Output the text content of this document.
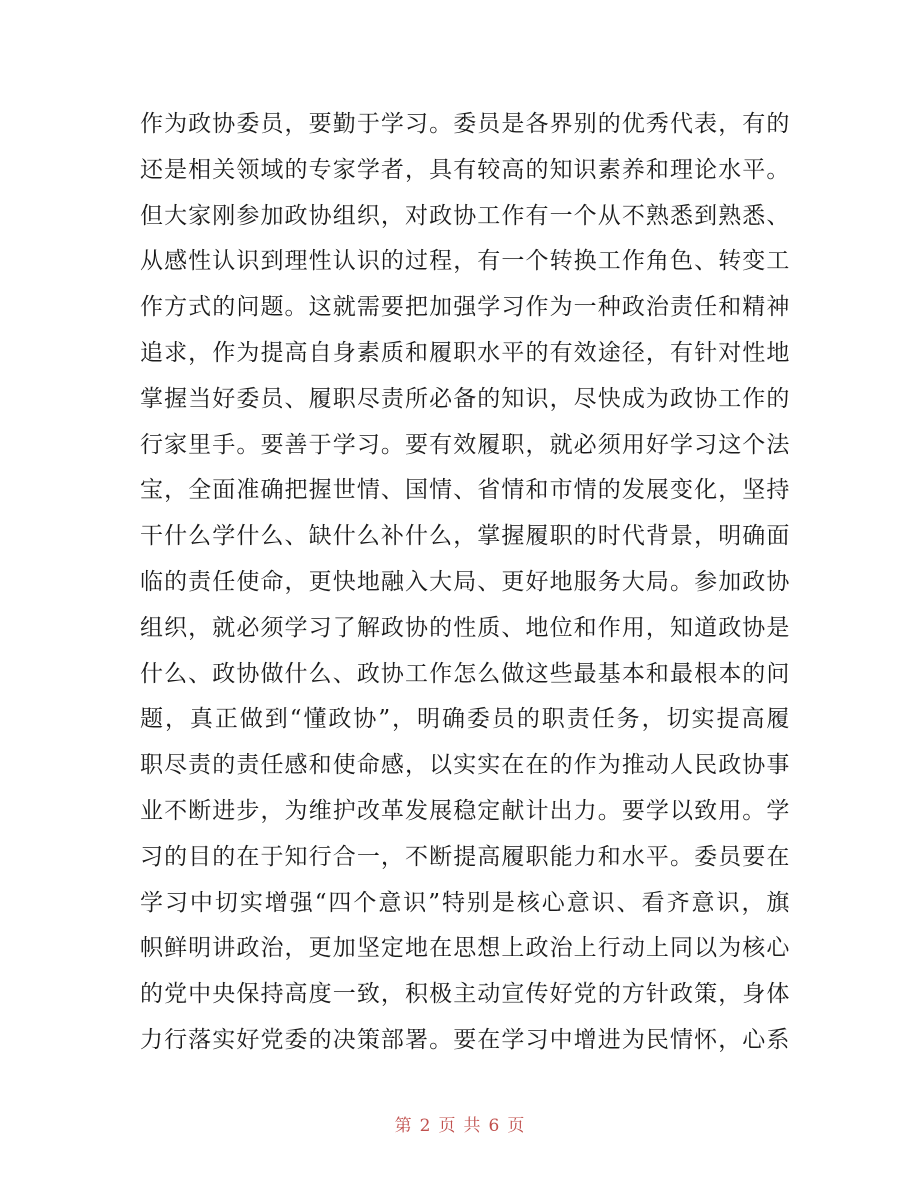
作为政协委员，要勤于学习。委员是各界别的优秀代表，有的
还是相关领域的专家学者，具有较高的知识素养和理论水平。
但大家刚参加政协组织，对政协工作有一个从不熟悉到熟悉、
从感性认识到理性认识的过程，有一个转换工作角色、转变工
作方式的问题。这就需要把加强学习作为一种政治责任和精神
追求，作为提高自身素质和履职水平的有效途径，有针对性地
掌握当好委员、履职尽责所必备的知识，尽快成为政协工作的
行家里手。要善于学习。要有效履职，就必须用好学习这个法
宝，全面准确把握世情、国情、省情和市情的发展变化，坚持
干什么学什么、缺什么补什么，掌握履职的时代背景，明确面
临的责任使命，更快地融入大局、更好地服务大局。参加政协
组织，就必须学习了解政协的性质、地位和作用，知道政协是
什么、政协做什么、政协工作怎么做这些最基本和最根本的问
题，真正做到“懂政协”，明确委员的职责任务，切实提高履
职尽责的责任感和使命感，以实实在在的作为推动人民政协事
业不断进步，为维护改革发展稳定献计出力。要学以致用。学
习的目的在于知行合一，不断提高履职能力和水平。委员要在
学习中切实增强“四个意识”特别是核心意识、看齐意识，旗
帜鲜明讲政治，更加坚定地在思想上政治上行动上同以为核心
的党中央保持高度一致，积极主动宣传好党的方针政策，身体
力行落实好党委的决策部署。要在学习中增进为民情怀，心系
第 2 页 共 6 页
